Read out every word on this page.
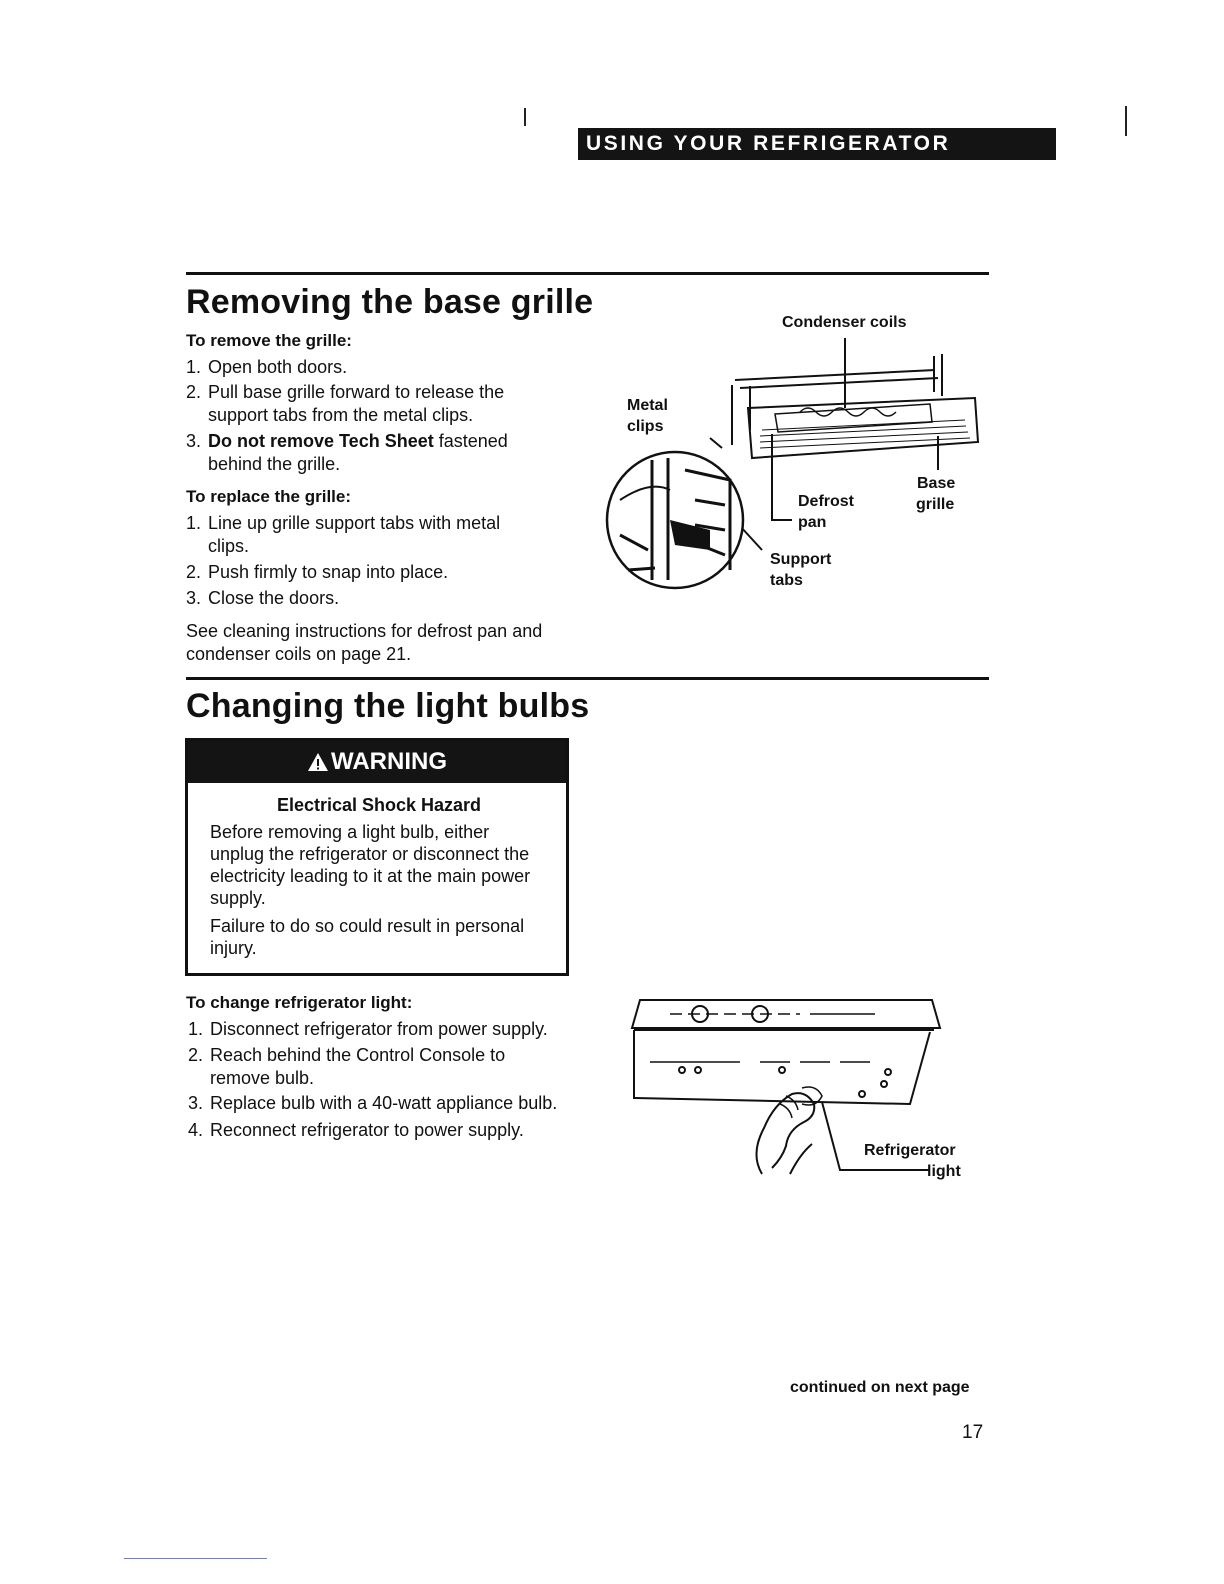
USING YOUR REFRIGERATOR
Removing the base grille
To remove the grille:
1. Open both doors.
2. Pull base grille forward to release the support tabs from the metal clips.
3. Do not remove Tech Sheet fastened behind the grille.
To replace the grille:
1. Line up grille support tabs with metal clips.
2. Push firmly to snap into place.
3. Close the doors.
See cleaning instructions for defrost pan and condenser coils on page 21.
Condenser coils
Metal
clips
Base
grille
Defrost
pan
Support
tabs
Changing the light bulbs
WARNING
Electrical Shock Hazard

Before removing a light bulb, either unplug the refrigerator or disconnect the electricity leading to it at the main power supply.

Failure to do so could result in personal injury.

To change refrigerator light:
1. Disconnect refrigerator from power supply.
2. Reach behind the Control Console to remove bulb.
3. Replace bulb with a 40-watt appliance bulb.
4. Reconnect refrigerator to power supply.
Refrigerator
light
continued on next page
17
